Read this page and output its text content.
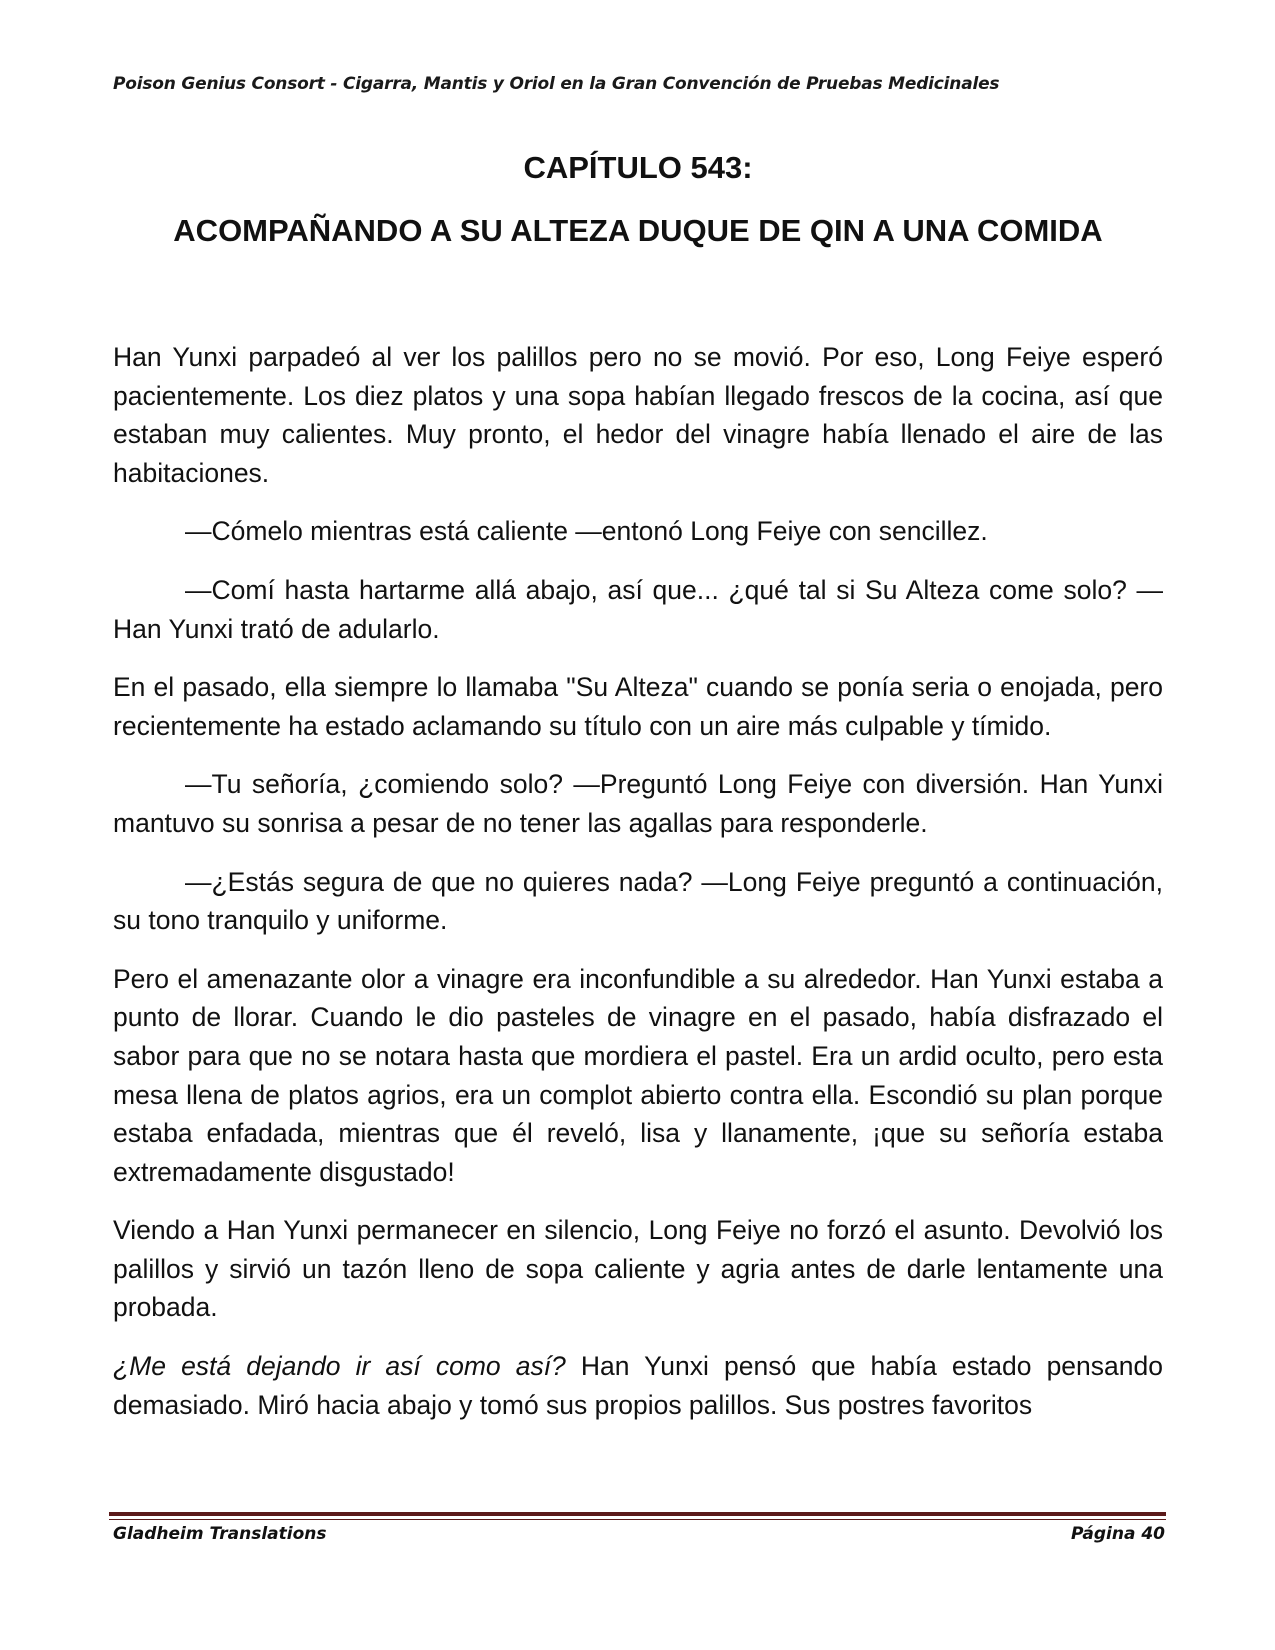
Poison Genius Consort - Cigarra, Mantis y Oriol en la Gran Convención de Pruebas Medicinales
CAPÍTULO 543:
ACOMPAÑANDO A SU ALTEZA DUQUE DE QIN A UNA COMIDA

Han Yunxi parpadeó al ver los palillos pero no se movió. Por eso, Long Feiye esperó pacientemente. Los diez platos y una sopa habían llegado frescos de la cocina, así que estaban muy calientes. Muy pronto, el hedor del vinagre había llenado el aire de las habitaciones.

—Cómelo mientras está caliente —entonó Long Feiye con sencillez.

—Comí hasta hartarme allá abajo, así que... ¿qué tal si Su Alteza come solo? —Han Yunxi trató de adularlo.

En el pasado, ella siempre lo llamaba "Su Alteza" cuando se ponía seria o enojada, pero recientemente ha estado aclamando su título con un aire más culpable y tímido.

—Tu señoría, ¿comiendo solo? —Preguntó Long Feiye con diversión. Han Yunxi mantuvo su sonrisa a pesar de no tener las agallas para responderle.

—¿Estás segura de que no quieres nada? —Long Feiye preguntó a continuación, su tono tranquilo y uniforme.

Pero el amenazante olor a vinagre era inconfundible a su alrededor. Han Yunxi estaba a punto de llorar. Cuando le dio pasteles de vinagre en el pasado, había disfrazado el sabor para que no se notara hasta que mordiera el pastel. Era un ardid oculto, pero esta mesa llena de platos agrios, era un complot abierto contra ella. Escondió su plan porque estaba enfadada, mientras que él reveló, lisa y llanamente, ¡que su señoría estaba extremadamente disgustado!

Viendo a Han Yunxi permanecer en silencio, Long Feiye no forzó el asunto. Devolvió los palillos y sirvió un tazón lleno de sopa caliente y agria antes de darle lentamente una probada.

¿Me está dejando ir así como así? Han Yunxi pensó que había estado pensando demasiado. Miró hacia abajo y tomó sus propios palillos. Sus postres favoritos

Gladheim Translations	Página 40
